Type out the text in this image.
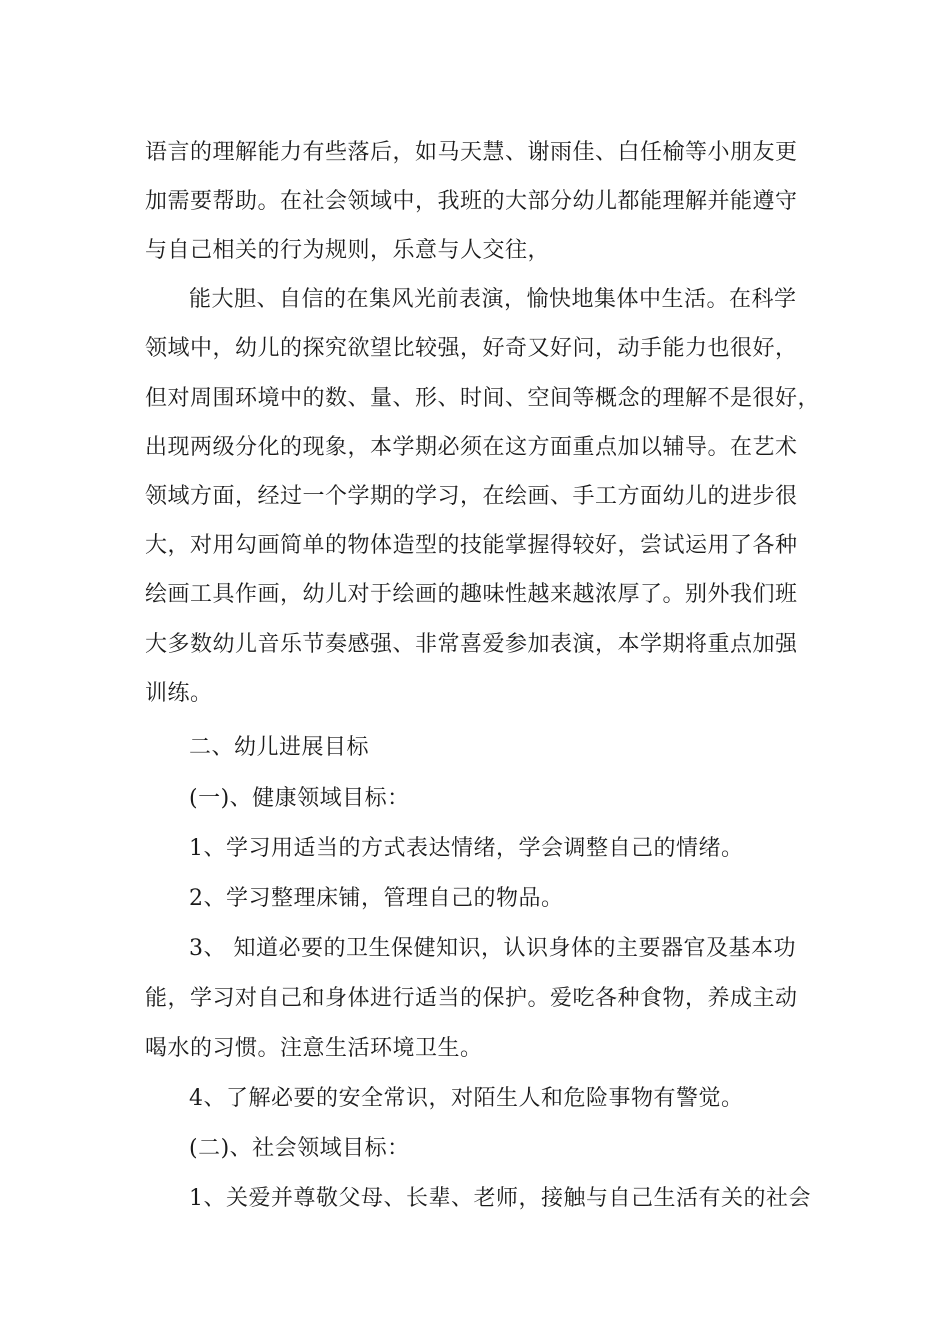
语言的理解能力有些落后，如马天慧、谢雨佳、白任榆等小朋友更
加需要帮助。在社会领域中，我班的大部分幼儿都能理解并能遵守
与自己相关的行为规则，乐意与人交往，
能大胆、自信的在集风光前表演，愉快地集体中生活。在科学
领域中，幼儿的探究欲望比较强，好奇又好问，动手能力也很好，
但对周围环境中的数、量、形、时间、空间等概念的理解不是很好，
出现两级分化的现象，本学期必须在这方面重点加以辅导。在艺术
领域方面，经过一个学期的学习，在绘画、手工方面幼儿的进步很
大，对用勾画简单的物体造型的技能掌握得较好，尝试运用了各种
绘画工具作画，幼儿对于绘画的趣味性越来越浓厚了。别外我们班
大多数幼儿音乐节奏感强、非常喜爱参加表演，本学期将重点加强
训练。
二、幼儿进展目标
(一)、健康领域目标：
1、学习用适当的方式表达情绪，学会调整自己的情绪。
2、学习整理床铺，管理自己的物品。
3、 知道必要的卫生保健知识，认识身体的主要器官及基本功
能，学习对自己和身体进行适当的保护。爱吃各种食物，养成主动
喝水的习惯。注意生活环境卫生。
4、了解必要的安全常识，对陌生人和危险事物有警觉。
(二)、社会领域目标：
1、关爱并尊敬父母、长辈、老师，接触与自己生活有关的社会
